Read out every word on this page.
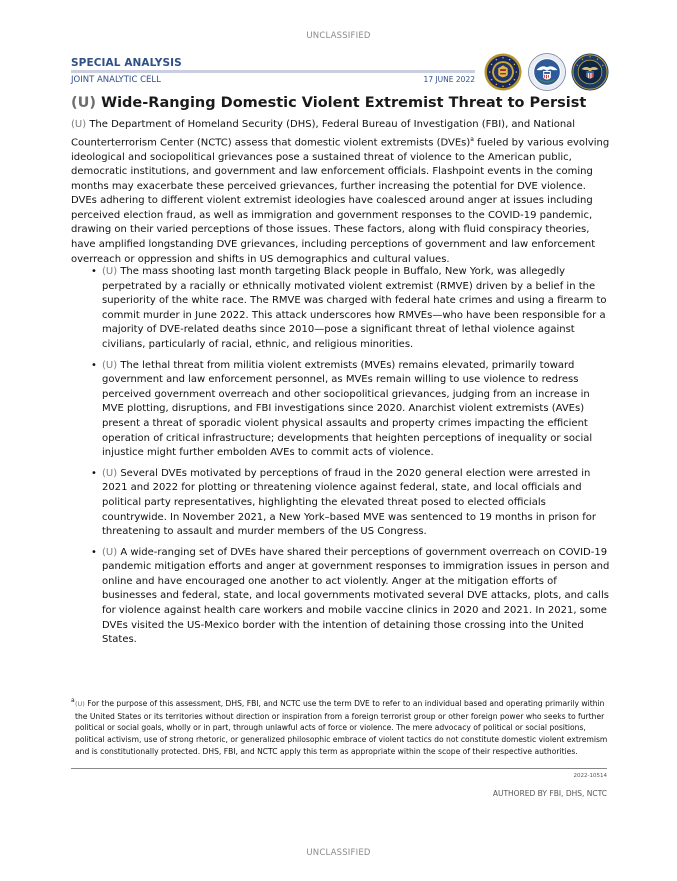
UNCLASSIFIED
SPECIAL ANALYSIS
JOINT ANALYTIC CELL	17 JUNE 2022
(U) Wide-Ranging Domestic Violent Extremist Threat to Persist
(U) The Department of Homeland Security (DHS), Federal Bureau of Investigation (FBI), and National Counterterrorism Center (NCTC) assess that domestic violent extremists (DVEs)$^a$ fueled by various evolving ideological and sociopolitical grievances pose a sustained threat of violence to the American public, democratic institutions, and government and law enforcement officials. Flashpoint events in the coming months may exacerbate these perceived grievances, further increasing the potential for DVE violence. DVEs adhering to different violent extremist ideologies have coalesced around anger at issues including perceived election fraud, as well as immigration and government responses to the COVID-19 pandemic, drawing on their varied perceptions of those issues. These factors, along with fluid conspiracy theories, have amplified longstanding DVE grievances, including perceptions of government and law enforcement overreach or oppression and shifts in US demographics and cultural values.
• (U) The mass shooting last month targeting Black people in Buffalo, New York, was allegedly perpetrated by a racially or ethnically motivated violent extremist (RMVE) driven by a belief in the superiority of the white race. The RMVE was charged with federal hate crimes and using a firearm to commit murder in June 2022. This attack underscores how RMVEs—who have been responsible for a majority of DVE-related deaths since 2010—pose a significant threat of lethal violence against civilians, particularly of racial, ethnic, and religious minorities.
• (U) The lethal threat from militia violent extremists (MVEs) remains elevated, primarily toward government and law enforcement personnel, as MVEs remain willing to use violence to redress perceived government overreach and other sociopolitical grievances, judging from an increase in MVE plotting, disruptions, and FBI investigations since 2020. Anarchist violent extremists (AVEs) present a threat of sporadic violent physical assaults and property crimes impacting the efficient operation of critical infrastructure; developments that heighten perceptions of inequality or social injustice might further embolden AVEs to commit acts of violence.
• (U) Several DVEs motivated by perceptions of fraud in the 2020 general election were arrested in 2021 and 2022 for plotting or threatening violence against federal, state, and local officials and political party representatives, highlighting the elevated threat posed to elected officials countrywide. In November 2021, a New York–based MVE was sentenced to 19 months in prison for threatening to assault and murder members of the US Congress.
• (U) A wide-ranging set of DVEs have shared their perceptions of government overreach on COVID-19 pandemic mitigation efforts and anger at government responses to immigration issues in person and online and have encouraged one another to act violently. Anger at the mitigation efforts of businesses and federal, state, and local governments motivated several DVE attacks, plots, and calls for violence against health care workers and mobile vaccine clinics in 2020 and 2021. In 2021, some DVEs visited the US-Mexico border with the intention of detaining those crossing into the United States.
a (U) For the purpose of this assessment, DHS, FBI, and NCTC use the term DVE to refer to an individual based and operating primarily within the United States or its territories without direction or inspiration from a foreign terrorist group or other foreign power who seeks to further political or social goals, wholly or in part, through unlawful acts of force or violence. The mere advocacy of political or social positions, political activism, use of strong rhetoric, or generalized philosophic embrace of violent tactics do not constitute domestic violent extremism and is constitutionally protected. DHS, FBI, and NCTC apply this term as appropriate within the scope of their respective authorities.
2022-10514
AUTHORED BY FBI, DHS, NCTC
UNCLASSIFIED
